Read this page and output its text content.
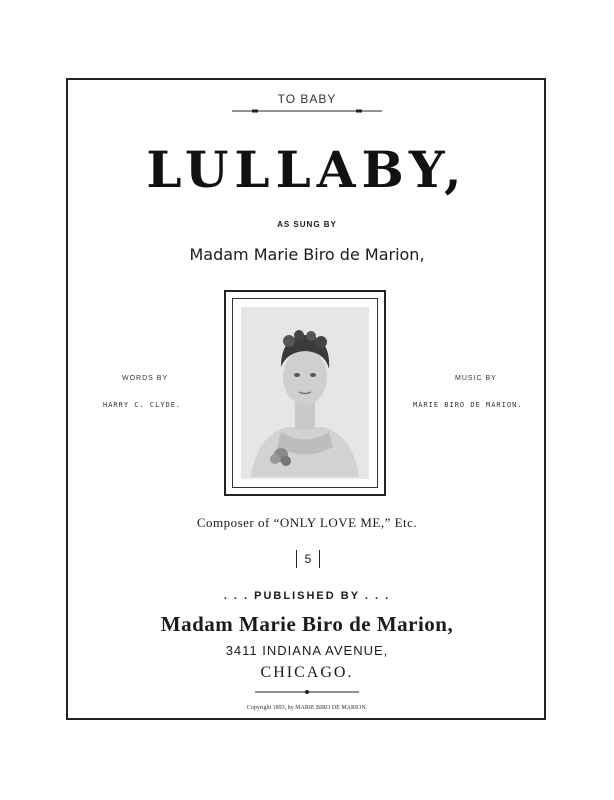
TO BABY
LULLABY,
AS SUNG BY
Madam Marie Biro de Marion,
WORDS BY
HARRY C. CLYDE.
MUSIC BY
MARIE BIRO DE MARION.
Composer of “ONLY LOVE ME,” Etc.
5
. . . PUBLISHED BY . . .
Madam Marie Biro de Marion,
3411 INDIANA AVENUE,
CHICAGO.
Copyright 1893, by MARIE BIRO DE MARION.
